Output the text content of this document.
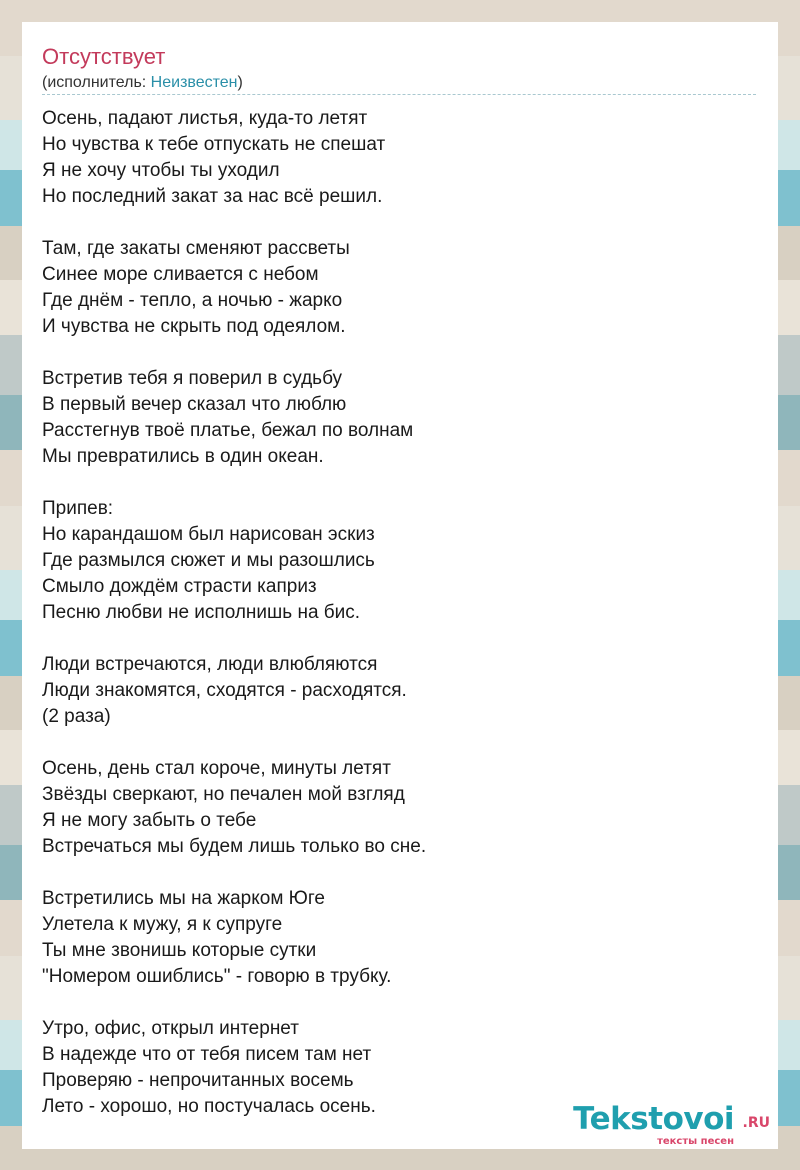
Отсутствует
(исполнитель: Неизвестен)
Осень, падают листья, куда-то летят
Но чувства к тебе отпускать не спешат
Я не хочу чтобы ты уходил
Но последний закат за нас всё решил.
Там, где закаты сменяют рассветы
Синее море сливается с небом
Где днём - тепло, а ночью - жарко
И чувства не скрыть под одеялом.
Встретив тебя я поверил в судьбу
В первый вечер сказал что люблю
Расстегнув твоё платье, бежал по волнам
Мы превратились в один океан.
Припев:
Но карандашом был нарисован эскиз
Где размылся сюжет и мы разошлись
Смыло дождём страсти каприз
Песню любви не исполнишь на бис.
Люди встречаются, люди влюбляются
Люди знакомятся, сходятся - расходятся.
(2 раза)
Осень, день стал короче, минуты летят
Звёзды сверкают, но печален мой взгляд
Я не могу забыть о тебе
Встречаться мы будем лишь только во сне.
Встретились мы на жарком Юге
Улетела к мужу, я к супруге
Ты мне звонишь которые сутки
"Номером ошиблись" - говорю в трубку.
Утро, офис, открыл интернет
В надежде что от тебя писем там нет
Проверяю - непрочитанных восемь
Лето - хорошо, но постучалась осень.	Tekstovoi .RU
тексты песен
